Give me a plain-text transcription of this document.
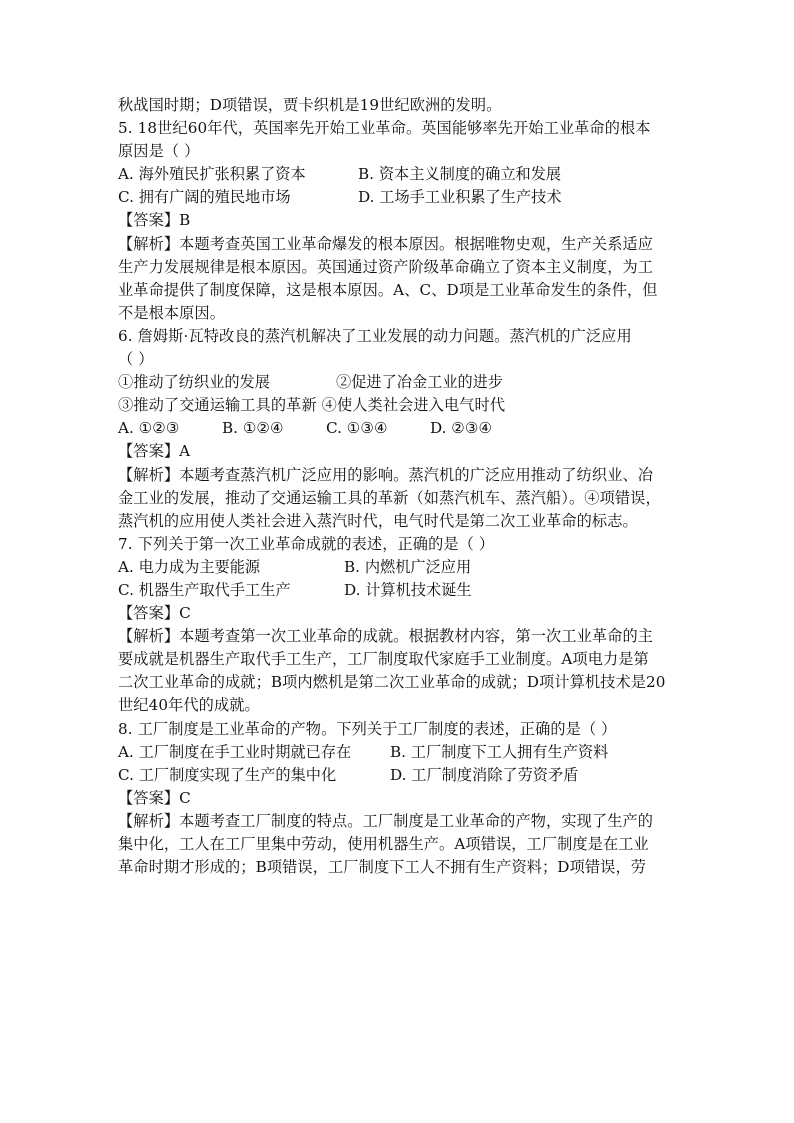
秋战国时期；D项错误，贾卡织机是19世纪欧洲的发明。
5. 18世纪60年代，英国率先开始工业革命。英国能够率先开始工业革命的根本
原因是（ ）
A. 海外殖民扩张积累了资本	B. 资本主义制度的确立和发展
C. 拥有广阔的殖民地市场	D. 工场手工业积累了生产技术
【答案】B
【解析】本题考查英国工业革命爆发的根本原因。根据唯物史观，生产关系适应
生产力发展规律是根本原因。英国通过资产阶级革命确立了资本主义制度，为工
业革命提供了制度保障，这是根本原因。A、C、D项是工业革命发生的条件，但
不是根本原因。
6. 詹姆斯·瓦特改良的蒸汽机解决了工业发展的动力问题。蒸汽机的广泛应用
（ ）
①推动了纺织业的发展	②促进了冶金工业的进步
③推动了交通运输工具的革新 ④使人类社会进入电气时代
A. ①②③	B. ①②④	C. ①③④	D. ②③④
【答案】A
【解析】本题考查蒸汽机广泛应用的影响。蒸汽机的广泛应用推动了纺织业、冶
金工业的发展，推动了交通运输工具的革新（如蒸汽机车、蒸汽船）。④项错误，
蒸汽机的应用使人类社会进入蒸汽时代，电气时代是第二次工业革命的标志。
7. 下列关于第一次工业革命成就的表述，正确的是（ ）
A. 电力成为主要能源	B. 内燃机广泛应用
C. 机器生产取代手工生产	D. 计算机技术诞生
【答案】C
【解析】本题考查第一次工业革命的成就。根据教材内容，第一次工业革命的主
要成就是机器生产取代手工生产，工厂制度取代家庭手工业制度。A项电力是第
二次工业革命的成就；B项内燃机是第二次工业革命的成就；D项计算机技术是20
世纪40年代的成就。
8. 工厂制度是工业革命的产物。下列关于工厂制度的表述，正确的是（ ）
A. 工厂制度在手工业时期就已存在	B. 工厂制度下工人拥有生产资料
C. 工厂制度实现了生产的集中化	D. 工厂制度消除了劳资矛盾
【答案】C
【解析】本题考查工厂制度的特点。工厂制度是工业革命的产物，实现了生产的
集中化，工人在工厂里集中劳动，使用机器生产。A项错误，工厂制度是在工业
革命时期才形成的；B项错误，工厂制度下工人不拥有生产资料；D项错误，劳
